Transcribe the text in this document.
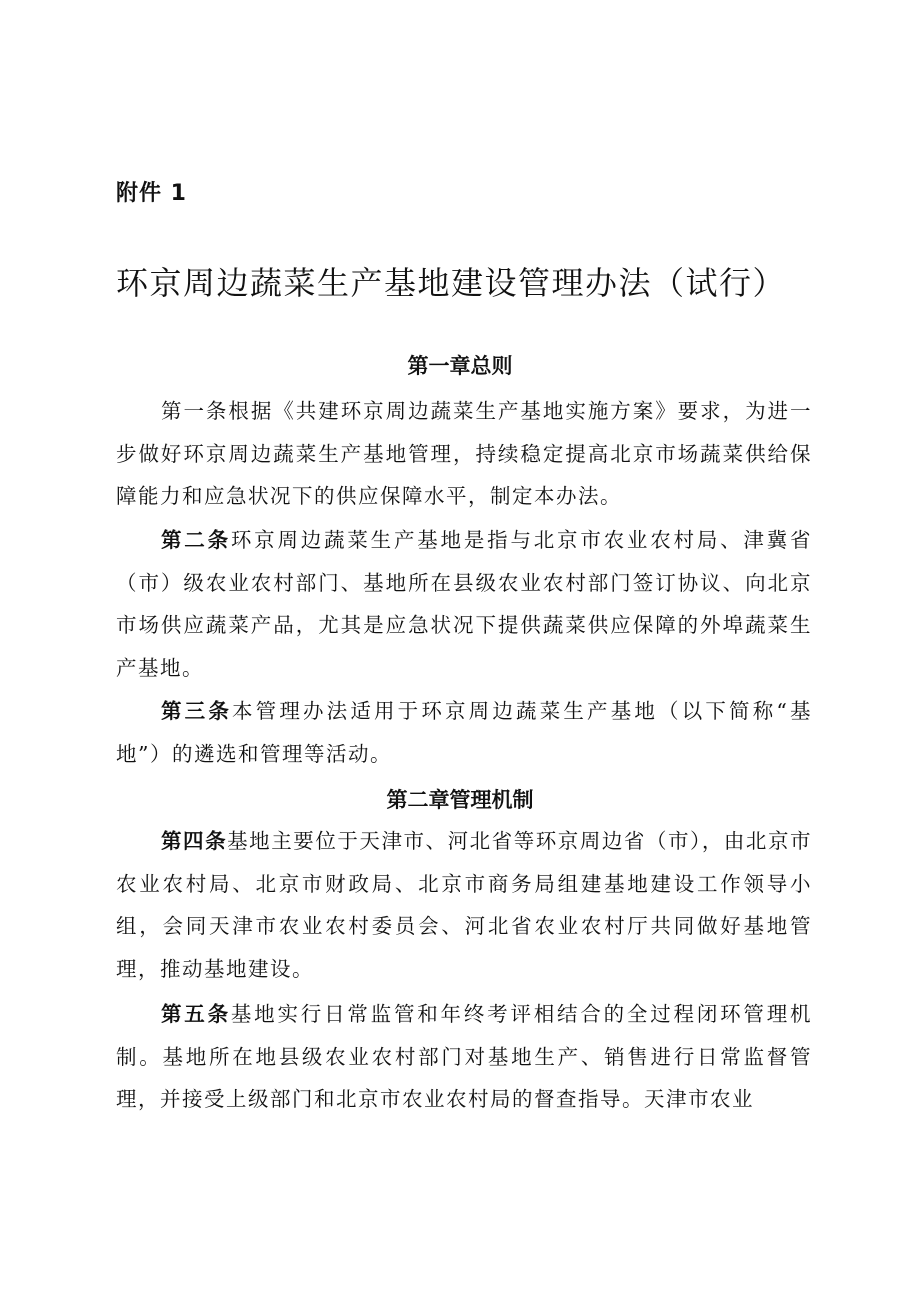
附件 1
环京周边蔬菜生产基地建设管理办法（试行）
第一章总则

第一条根据《共建环京周边蔬菜生产基地实施方案》要求，为进一步做好环京周边蔬菜生产基地管理，持续稳定提高北京市场蔬菜供给保障能力和应急状况下的供应保障水平，制定本办法。

第二条环京周边蔬菜生产基地是指与北京市农业农村局、津冀省（市）级农业农村部门、基地所在县级农业农村部门签订协议、向北京市场供应蔬菜产品，尤其是应急状况下提供蔬菜供应保障的外埠蔬菜生产基地。

第三条本管理办法适用于环京周边蔬菜生产基地（以下简称“基地”）的遴选和管理等活动。

第二章管理机制

第四条基地主要位于天津市、河北省等环京周边省（市），由北京市农业农村局、北京市财政局、北京市商务局组建基地建设工作领导小组，会同天津市农业农村委员会、河北省农业农村厅共同做好基地管理，推动基地建设。

第五条基地实行日常监管和年终考评相结合的全过程闭环管理机制。基地所在地县级农业农村部门对基地生产、销售进行日常监督管理，并接受上级部门和北京市农业农村局的督查指导。天津市农业
